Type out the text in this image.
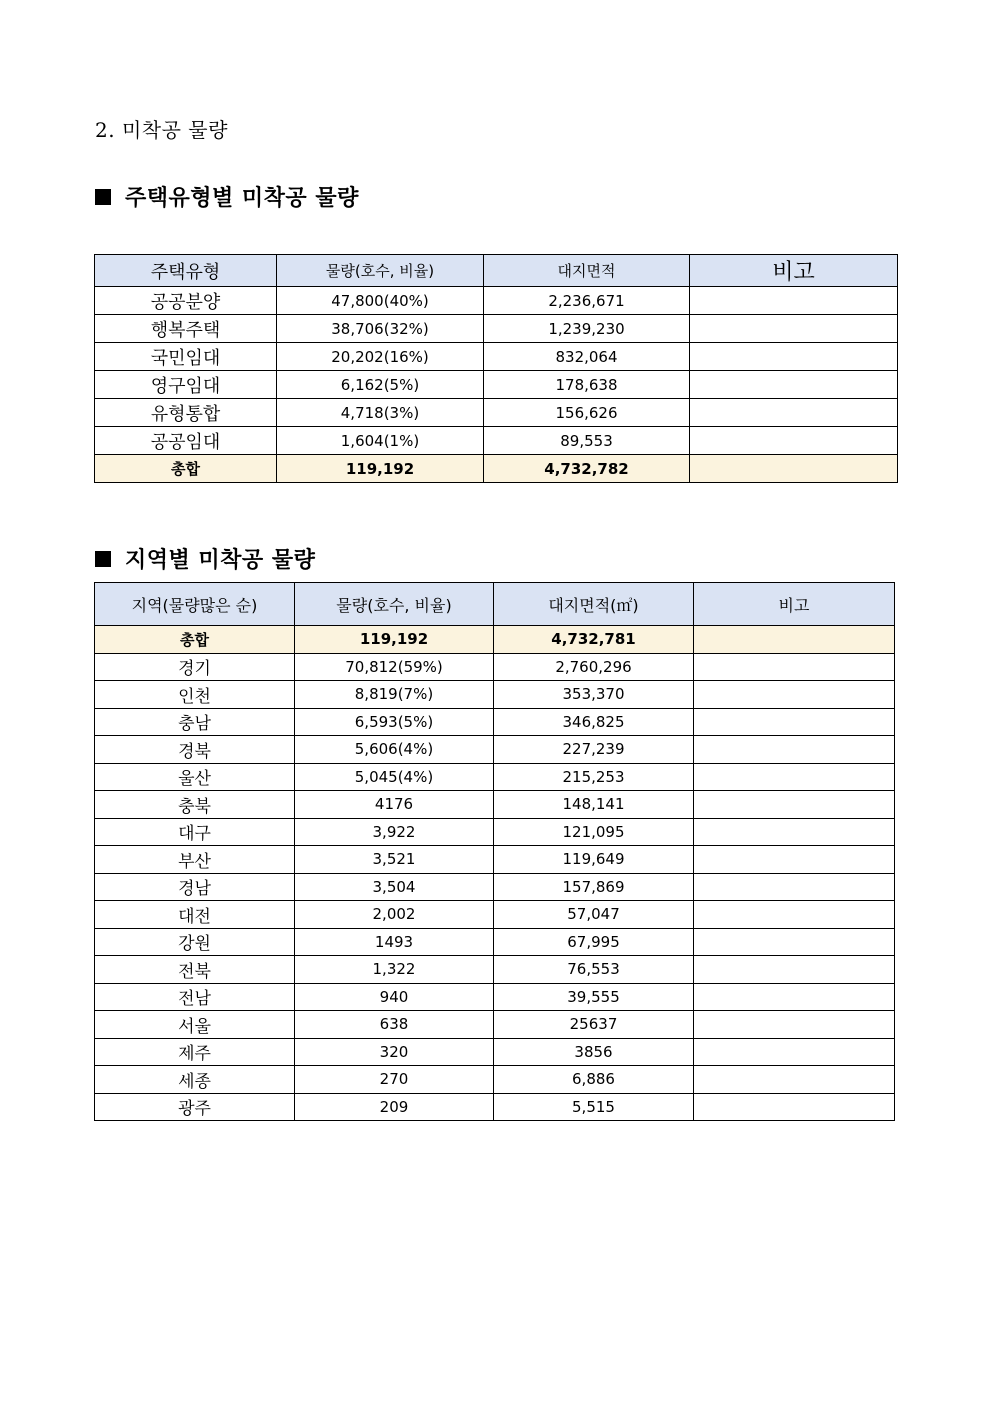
2. 미착공 물량
주택유형별 미착공 물량
주택유형	물량(호수, 비율)	대지면적	비고
공공분양	47,800(40%)	2,236,671	
행복주택	38,706(32%)	1,239,230	
국민임대	20,202(16%)	832,064	
영구임대	6,162(5%)	178,638	
유형통합	4,718(3%)	156,626	
공공임대	1,604(1%)	89,553	
총합	119,192	4,732,782	
지역별 미착공 물량
지역(물량많은 순)	물량(호수, 비율)	대지면적(㎡)	비고
총합	119,192	4,732,781	
경기	70,812(59%)	2,760,296	
인천	8,819(7%)	353,370	
충남	6,593(5%)	346,825	
경북	5,606(4%)	227,239	
울산	5,045(4%)	215,253	
충북	4176	148,141	
대구	3,922	121,095	
부산	3,521	119,649	
경남	3,504	157,869	
대전	2,002	57,047	
강원	1493	67,995	
전북	1,322	76,553	
전남	940	39,555	
서울	638	25637	
제주	320	3856	
세종	270	6,886	
광주	209	5,515	
